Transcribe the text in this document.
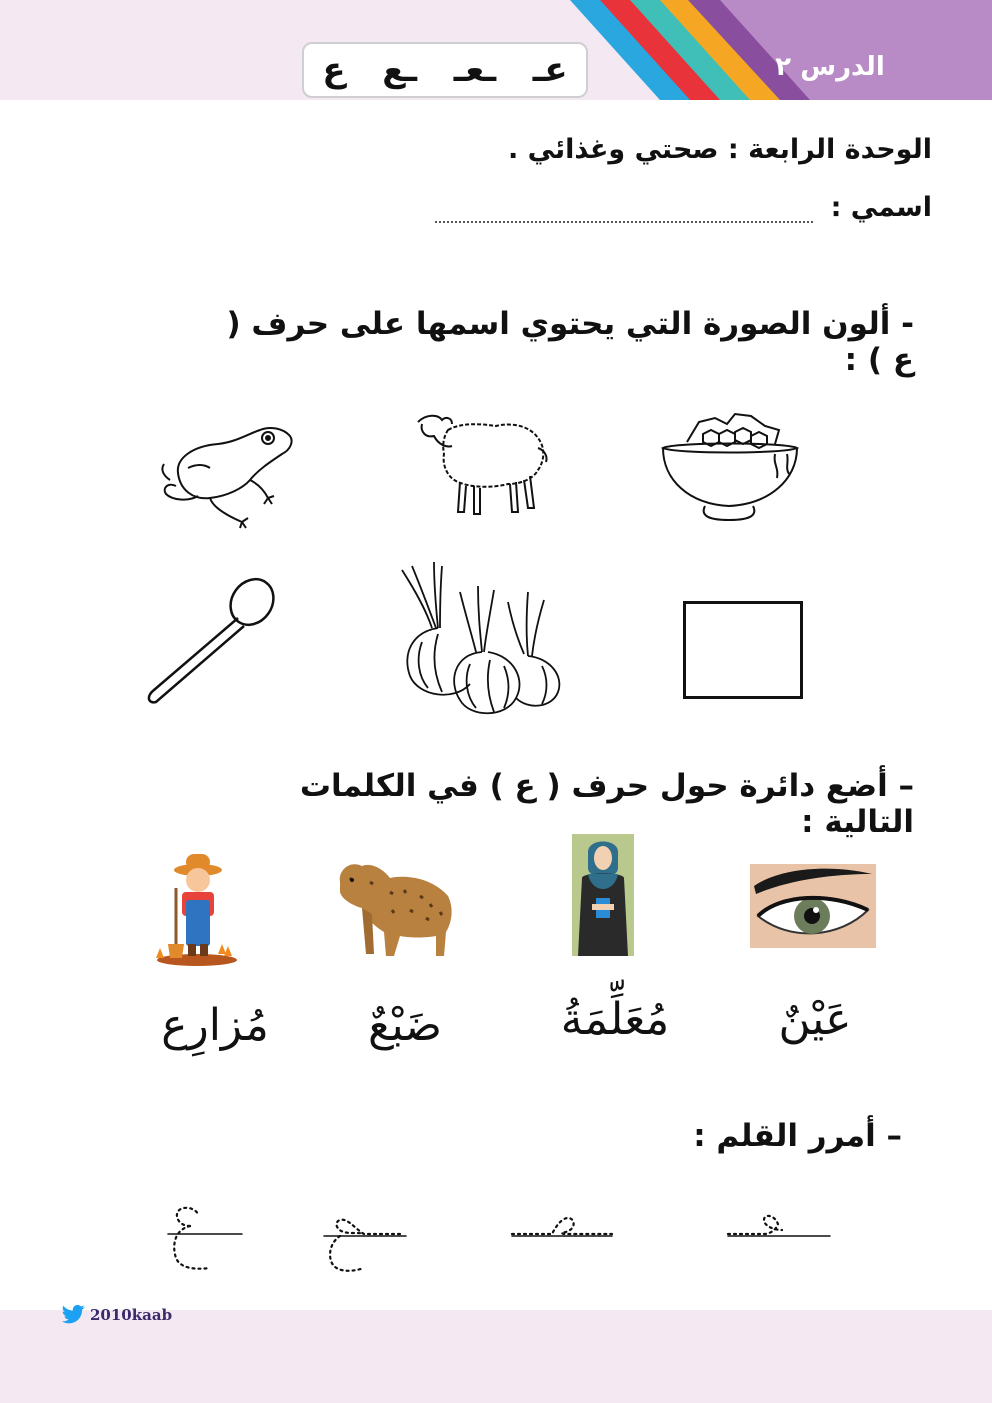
الدرس ٢
عـ
ـعـ
ـع
ع
الوحدة الرابعة : صحتي وغذائي .
اسمي :
- ألون الصورة التي يحتوي اسمها على حرف ( ع ) :
– أضع دائرة حول حرف ( ع ) في الكلمات التالية :
مُزارِع	ضَبْعٌ	مُعَلِّمَةُ	عَيْنٌ
– أمرر القلم :
2010kaab
